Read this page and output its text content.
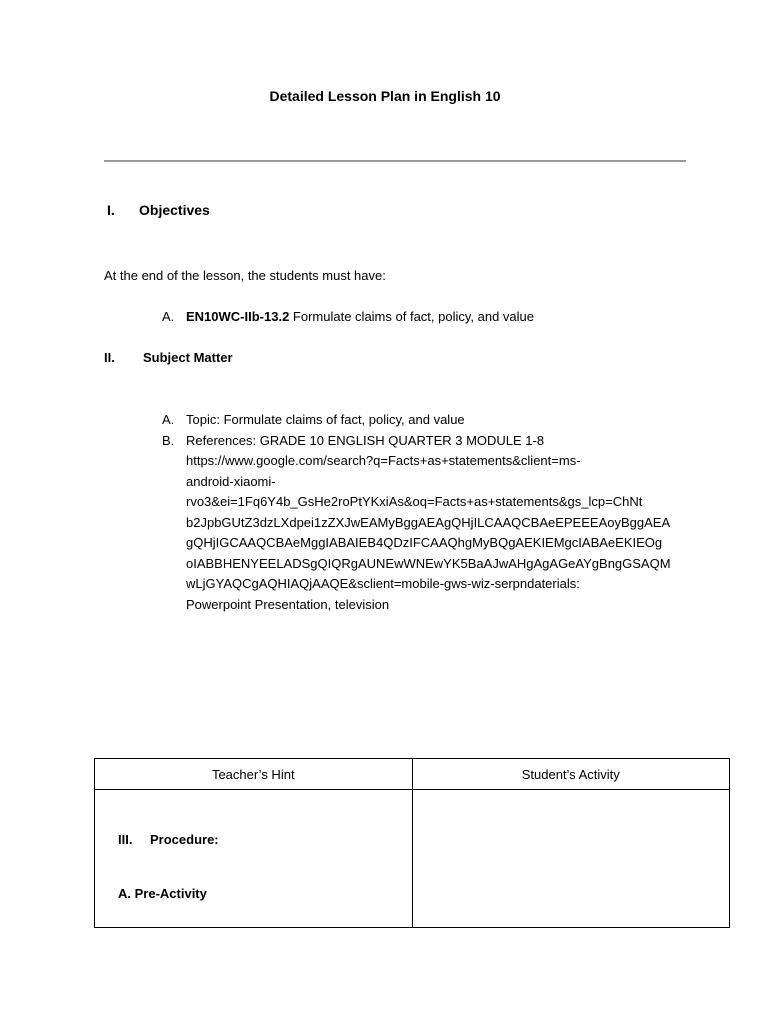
Detailed Lesson Plan in English 10
I. Objectives
At the end of the lesson, the students must have:
A. EN10WC-IIb-13.2 Formulate claims of fact, policy, and value
II. Subject Matter
A. Topic: Formulate claims of fact, policy, and value
B. References: GRADE 10 ENGLISH QUARTER 3 MODULE 1-8
https://www.google.com/search?q=Facts+as+statements&client=ms-
android-xiaomi-
rvo3&ei=1Fq6Y4b_GsHe2roPtYKxiAs&oq=Facts+as+statements&gs_lcp=ChNt
b2JpbGUtZ3dzLXdpei1zZXJwEAMyBggAEAgQHjILCAAQCBAeEPEEEAoyBggAEA
gQHjIGCAAQCBAeMggIABAIEB4QDzIFCAAQhgMyBQgAEKIEMgcIABAeEKIEOg
oIABBHENYEELADSgQIQRgAUNEwWNEwYK5BaAJwAHgAgAGeAYgBngGSAQM
wLjGYAQCgAQHIAQjAAQE&sclient=mobile-gws-wiz-serpndaterials:
Powerpoint Presentation, television
Teacher’s Hint	Student’s Activity

III. Procedure:
A. Pre-Activity	
